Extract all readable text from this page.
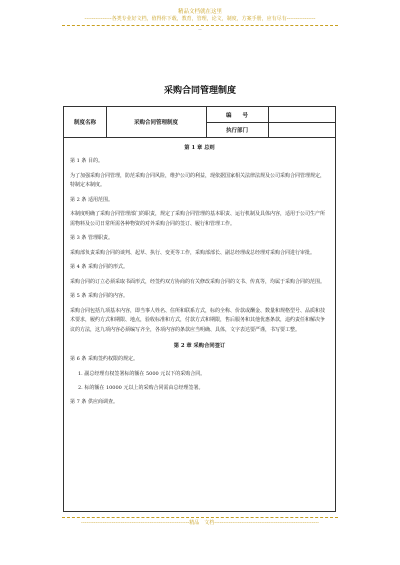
精品文档就在这里
---------------各类专业好文档，值得你下载，教育，管理，论文，制度，方案手册，应有尽有----------------
--
采购合同管理制度
制度名称	采购合同管理制度
编　　号
执行部门
第 1 章 总则
第 1 条 目的。
为了加强采购合同管理，防范采购合同风险，维护公司的利益，现依据国家相关法律法规及公司采购合同管理规定，特制定本制度。
第 2 条 适用范围。
本制度明确了采购合同管理部门的职责，规定了采购合同管理的基本职责、运行机制及具体内容，适用于公司生产所需物料及公司日常所需各种物资的对外采购合同的签订、履行和管理工作。
第 3 条 管理职责。
采购部负责采购合同的谈判、起草、执行、变更等工作，采购部部长、副总经理或总经理对采购合同进行审批。
第 4 条 采购合同的形式。
采购合同的订立必须采取书面形式，经签约双方协商的有关修改采购合同的文书、传真等，均属于采购合同的范围。
第 5 条 采购合同的内容。
采购合同包括九项基本内容，即当事人姓名、住所和联系方式，标的全称、价款或酬金、数量和规格型号、品质和技术要求，履约方式和期限、地点，验收标准和方式，付款方式和期限，售后服务和其他优惠条款，违约责任和解决争议的方法，这九项内容必须编写齐全，各项内容的条款应当明确、具体，文字表达要严谨，书写要工整。
第 2 章 采购合同签订
第 6 条 采购签约权限的规定。
1. 副总经理有权签署标的额在 5000 元以下的采购合同。
2. 标的额在 10000 元以上的采购合同需由总经理签署。
第 7 条 供应商调查。
------------------------------------------------------------精品　文档----------------------------------------------------------
